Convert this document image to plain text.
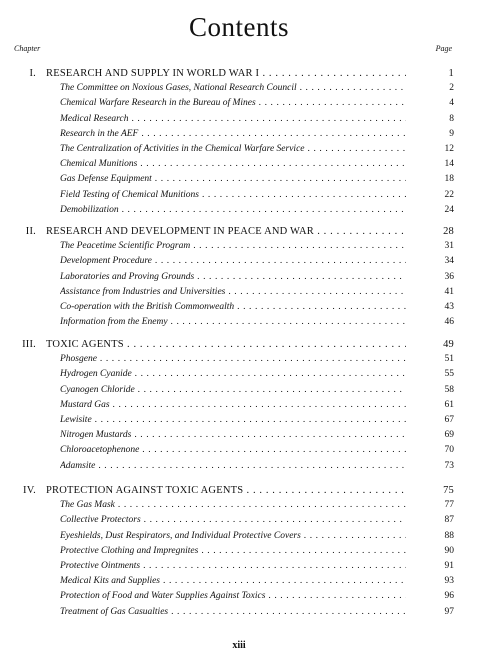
Contents
Chapter	Page
I. RESEARCH AND SUPPLY IN WORLD WAR I . . .	1
The Committee on Noxious Gases, National Research Council . . .	2
Chemical Warfare Research in the Bureau of Mines . . .	4
Medical Research . . .	8
Research in the AEF . . .	9
The Centralization of Activities in the Chemical Warfare Service . . .	12
Chemical Munitions . . .	14
Gas Defense Equipment . . .	18
Field Testing of Chemical Munitions . . .	22
Demobilization . . .	24
II. RESEARCH AND DEVELOPMENT IN PEACE AND WAR . . .	28
The Peacetime Scientific Program . . .	31
Development Procedure . . .	34
Laboratories and Proving Grounds . . .	36
Assistance from Industries and Universities . . .	41
Co-operation with the British Commonwealth . . .	43
Information from the Enemy . . .	46
III. TOXIC AGENTS . . .	49
Phosgene . . .	51
Hydrogen Cyanide . . .	55
Cyanogen Chloride . . .	58
Mustard Gas . . .	61
Lewisite . . .	67
Nitrogen Mustards . . .	69
Chloroacetophenone . . .	70
Adamsite . . .	73
IV. PROTECTION AGAINST TOXIC AGENTS . . .	75
The Gas Mask . . .	77
Collective Protectors . . .	87
Eyeshields, Dust Respirators, and Individual Protective Covers . . .	88
Protective Clothing and Impregnites . . .	90
Protective Ointments . . .	91
Medical Kits and Supplies . . .	93
Protection of Food and Water Supplies Against Toxics . . .	96
Treatment of Gas Casualties . . .	97
xiii
